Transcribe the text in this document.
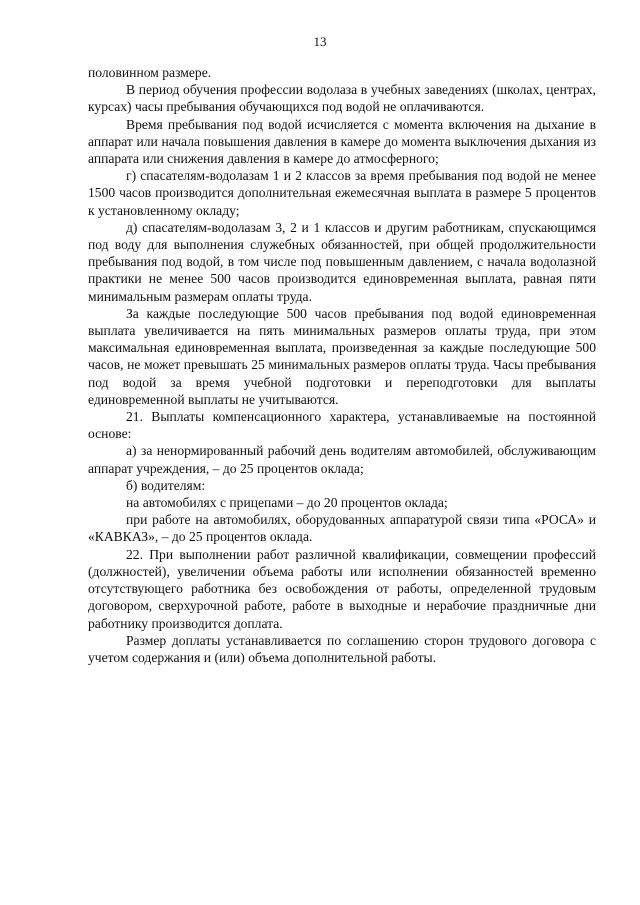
13

половинном размере.

В период обучения профессии водолаза в учебных заведениях (школах, центрах, курсах) часы пребывания обучающихся под водой не оплачиваются.

Время пребывания под водой исчисляется с момента включения на дыхание в аппарат или начала повышения давления в камере до момента выключения дыхания из аппарата или снижения давления в камере до атмосферного;

г) спасателям-водолазам 1 и 2 классов за время пребывания под водой не менее 1500 часов производится дополнительная ежемесячная выплата в размере 5 процентов к установленному окладу;

д) спасателям-водолазам 3, 2 и 1 классов и другим работникам, спускающимся под воду для выполнения служебных обязанностей, при общей продолжительности пребывания под водой, в том числе под повышенным давлением, с начала водолазной практики не менее 500 часов производится единовременная выплата, равная пяти минимальным размерам оплаты труда.

За каждые последующие 500 часов пребывания под водой единовременная выплата увеличивается на пять минимальных размеров оплаты труда, при этом максимальная единовременная выплата, произведенная за каждые последующие 500 часов, не может превышать 25 минимальных размеров оплаты труда. Часы пребывания под водой за время учебной подготовки и переподготовки для выплаты единовременной выплаты не учитываются.

21. Выплаты компенсационного характера, устанавливаемые на постоянной основе:

а) за ненормированный рабочий день водителям автомобилей, обслуживающим аппарат учреждения, – до 25 процентов оклада;

б) водителям:

на автомобилях с прицепами – до 20 процентов оклада;

при работе на автомобилях, оборудованных аппаратурой связи типа «РОСА» и «КАВКАЗ», – до 25 процентов оклада.

22. При выполнении работ различной квалификации, совмещении профессий (должностей), увеличении объема работы или исполнении обязанностей временно отсутствующего работника без освобождения от работы, определенной трудовым договором, сверхурочной работе, работе в выходные и нерабочие праздничные дни работнику производится доплата.

Размер доплаты устанавливается по соглашению сторон трудового договора с учетом содержания и (или) объема дополнительной работы.
